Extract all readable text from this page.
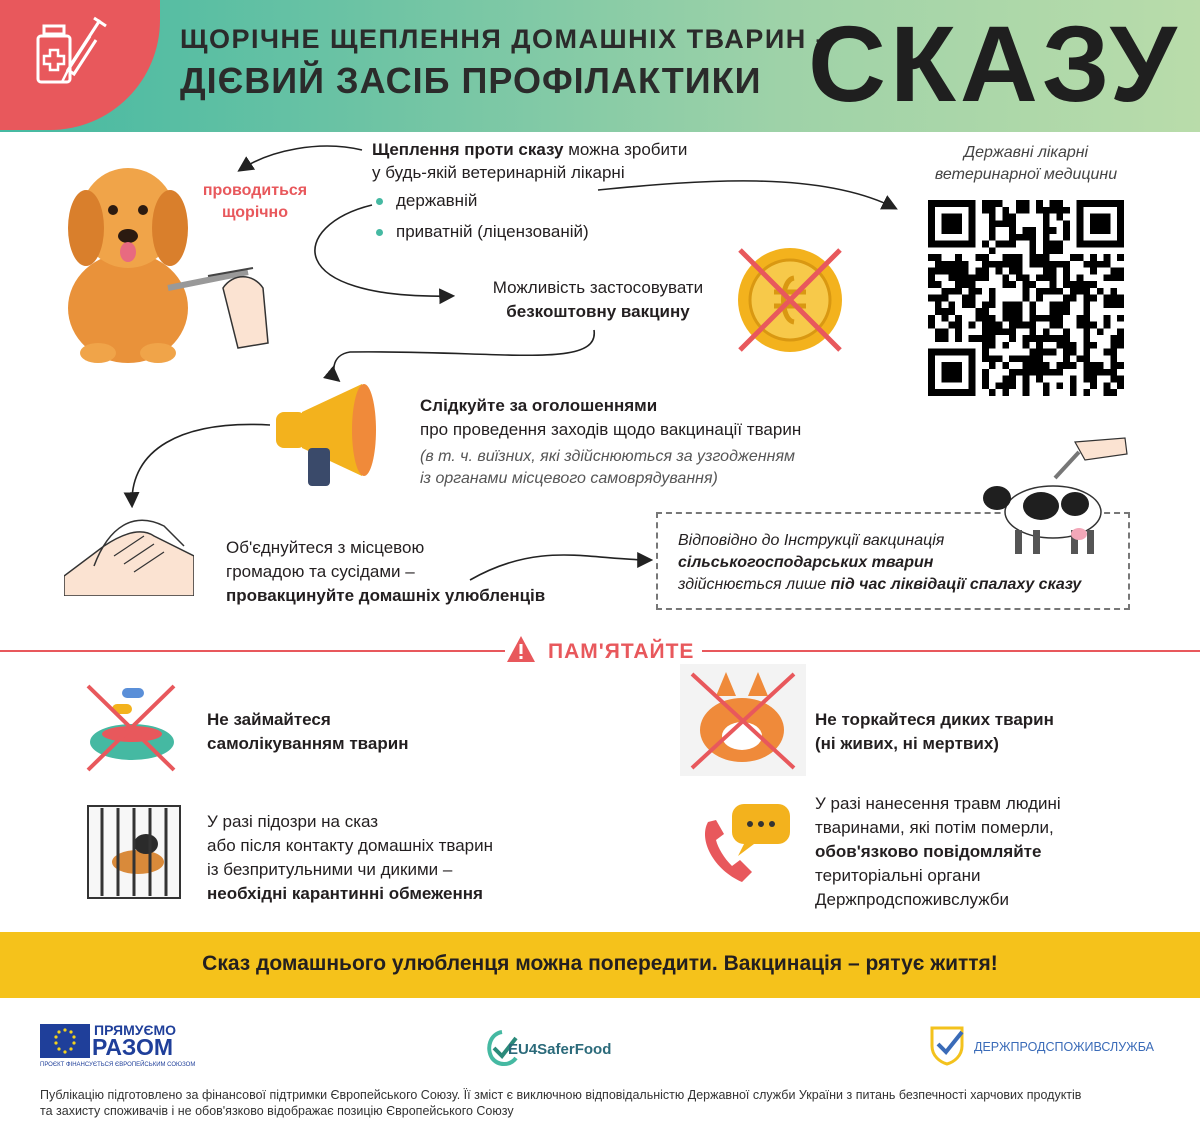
ЩОРІЧНЕ ЩЕПЛЕННЯ ДОМАШНІХ ТВАРИН –
ДІЄВИЙ ЗАСІБ ПРОФІЛАКТИКИ СКАЗУ
проводиться
щорічно
Щеплення проти сказу можна зробити
у будь-якій ветеринарній лікарні
державній
приватній (ліцензованій)
Державні лікарні
ветеринарної медицини
Можливість застосовувати
безкоштовну вакцину
Слідкуйте за оголошеннями
про проведення заходів щодо вакцинації тварин
(в т. ч. виїзних, які здійснюються за узгодженням
із органами місцевого самоврядування)
Об'єднуйтеся з місцевою
громадою та сусідами –
провакцинуйте домашніх улюбленців
Відповідно до Інструкції вакцинація
сільськогосподарських тварин
здійснюється лише під час ліквідації спалаху сказу
ПАМ'ЯТАЙТЕ
Не займайтеся
самолікуванням тварин
Не торкайтеся диких тварин
(ні живих, ні мертвих)
У разі підозри на сказ
або після контакту домашніх тварин
із безпритульними чи дикими –
необхідні карантинні обмеження
У разі нанесення травм людині
тваринами, які потім померли,
обов'язково повідомляйте
територіальні органи
Держпродспоживслужби
Сказ домашнього улюбленця можна попередити. Вакцинація – рятує життя!
ПРЯМУЄМО
РАЗОМ
ПРОЄКТ ФІНАНСУЄТЬСЯ ЄВРОПЕЙСЬКИМ СОЮЗОМ
EU4SaferFood	ДЕРЖПРОДСПОЖИВСЛУЖБА
Публікацію підготовлено за фінансової підтримки Європейського Союзу. Її зміст є виключною відповідальністю Державної служби України з питань безпечності харчових продуктів
та захисту споживачів і не обов'язково відображає позицію Європейського Союзу
